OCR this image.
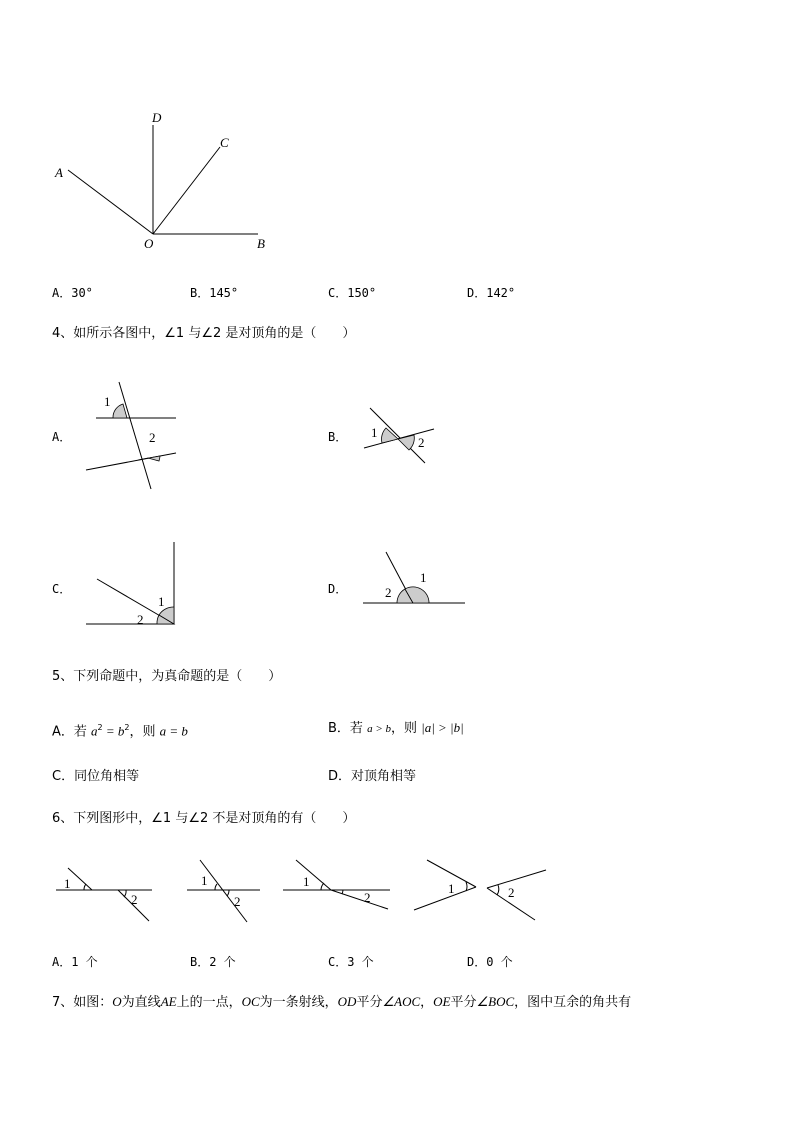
D
A
C
O	B
A．30°	B．145°	C．150°	D．142°
4、如所示各图中，∠1 与∠2 是对顶角的是（　　）
A．	B．
C．	D．
1
2	1
2
1
2
1
2
5、下列命题中，为真命题的是（　　）
A．若 $a^2 = b^2$，则 a = b	B．若 a > b，则 |a| > |b|
C．同位角相等	D．对顶角相等
6、下列图形中，∠1 与∠2 不是对顶角的有（　　）
1
2
1
2
1
2
1	2
A．1 个	B．2 个	C．3 个	D．0 个
7、如图：O为直线AE上的一点，OC为一条射线，OD平分∠AOC，OE平分∠BOC，图中互余的角共有
